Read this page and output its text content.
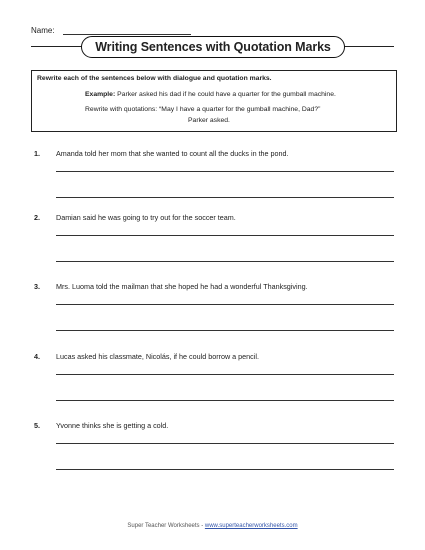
Name:
Writing Sentences with Quotation Marks
Rewrite each of the sentences below with dialogue and quotation marks.
Example: Parker asked his dad if he could have a quarter for the gumball machine.
Rewrite with quotations: “May I have a quarter for the gumball machine, Dad?”
Parker asked.
1. Amanda told her mom that she wanted to count all the ducks in the pond.
2. Damian said he was going to try out for the soccer team.
3. Mrs. Luoma told the mailman that she hoped he had a wonderful Thanksgiving.
4. Lucas asked his classmate, Nicolás, if he could borrow a pencil.
5. Yvonne thinks she is getting a cold.
Super Teacher Worksheets - www.superteacherworksheets.com
